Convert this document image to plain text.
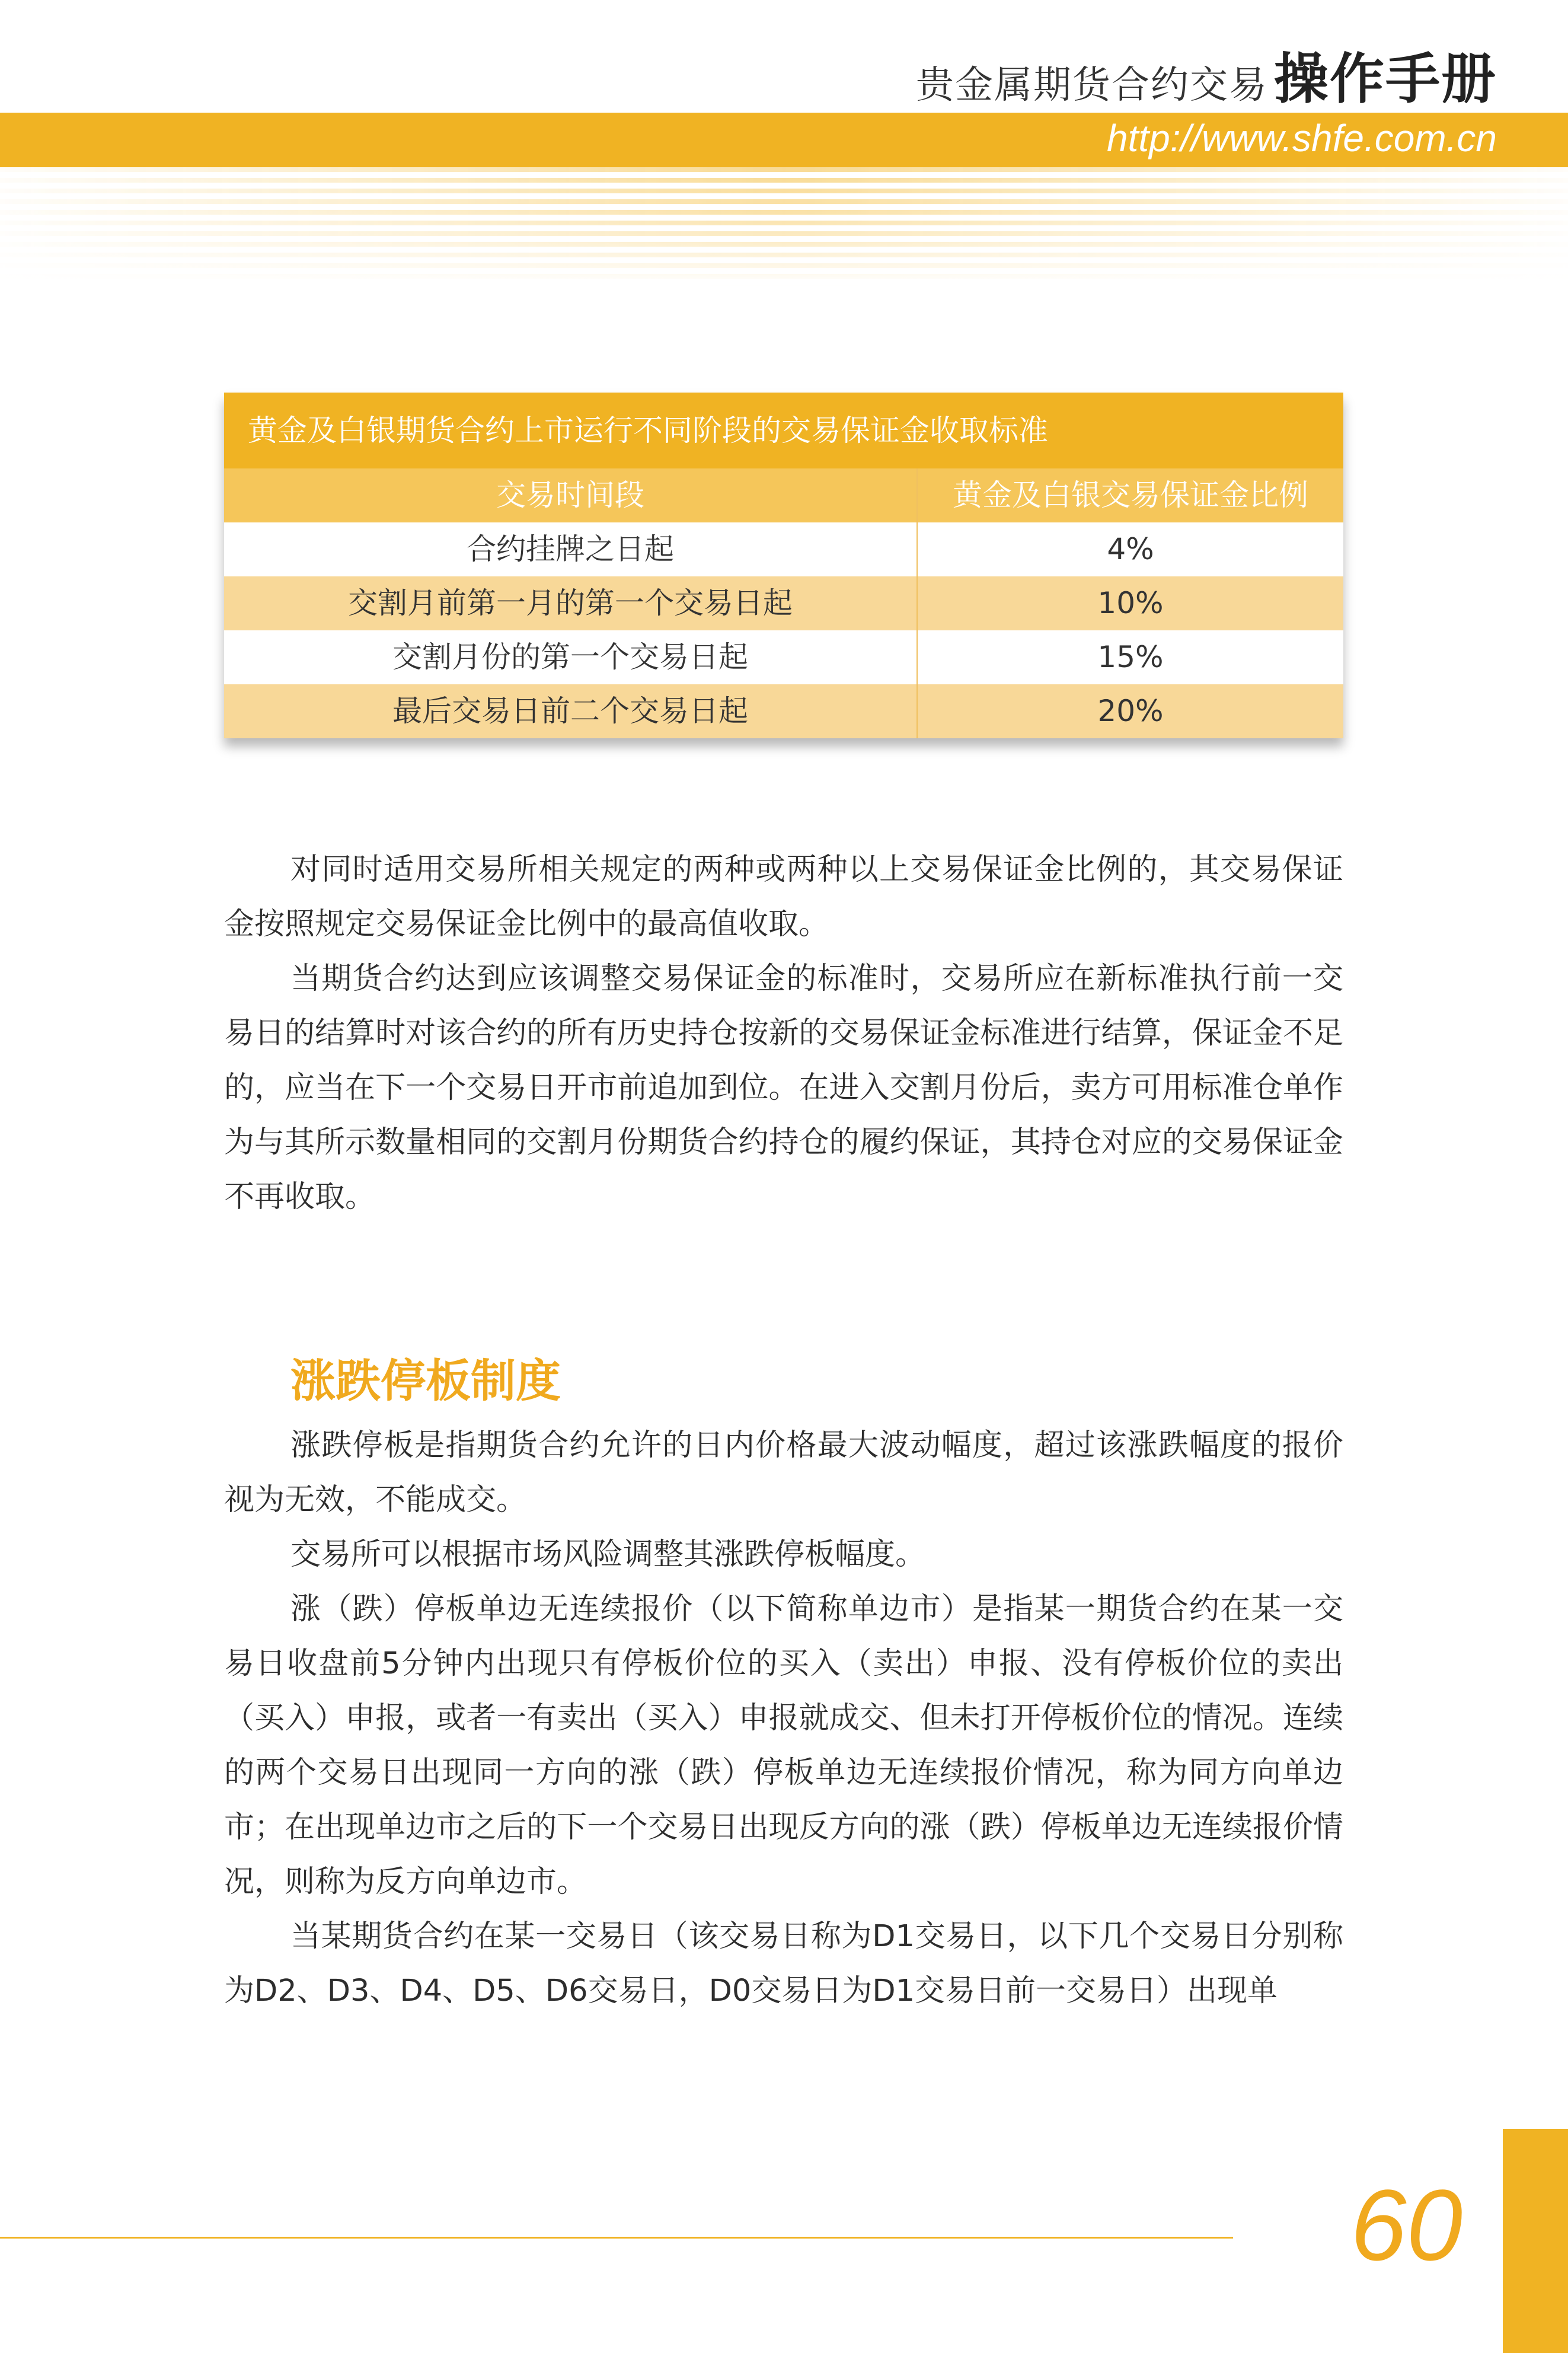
贵金属期货合约交易 操作手册
http://www.shfe.com.cn
黄金及白银期货合约上市运行不同阶段的交易保证金收取标准
交易时间段	黄金及白银交易保证金比例
合约挂牌之日起	4%
交割月前第一月的第一个交易日起	10%
交割月份的第一个交易日起	15%
最后交易日前二个交易日起	20%

对同时适用交易所相关规定的两种或两种以上交易保证金比例的，其交易保证金按照规定交易保证金比例中的最高值收取。

当期货合约达到应该调整交易保证金的标准时，交易所应在新标准执行前一交易日的结算时对该合约的所有历史持仓按新的交易保证金标准进行结算，保证金不足的，应当在下一个交易日开市前追加到位。在进入交割月份后，卖方可用标准仓单作为与其所示数量相同的交割月份期货合约持仓的履约保证，其持仓对应的交易保证金不再收取。

涨跌停板制度

涨跌停板是指期货合约允许的日内价格最大波动幅度，超过该涨跌幅度的报价视为无效，不能成交。

交易所可以根据市场风险调整其涨跌停板幅度。

涨（跌）停板单边无连续报价（以下简称单边市）是指某一期货合约在某一交易日收盘前5分钟内出现只有停板价位的买入（卖出）申报、没有停板价位的卖出（买入）申报，或者一有卖出（买入）申报就成交、但未打开停板价位的情况。连续的两个交易日出现同一方向的涨（跌）停板单边无连续报价情况，称为同方向单边市；在出现单边市之后的下一个交易日出现反方向的涨（跌）停板单边无连续报价情况，则称为反方向单边市。

当某期货合约在某一交易日（该交易日称为D1交易日，以下几个交易日分别称为D2、D3、D4、D5、D6交易日，D0交易日为D1交易日前一交易日）出现单

60
